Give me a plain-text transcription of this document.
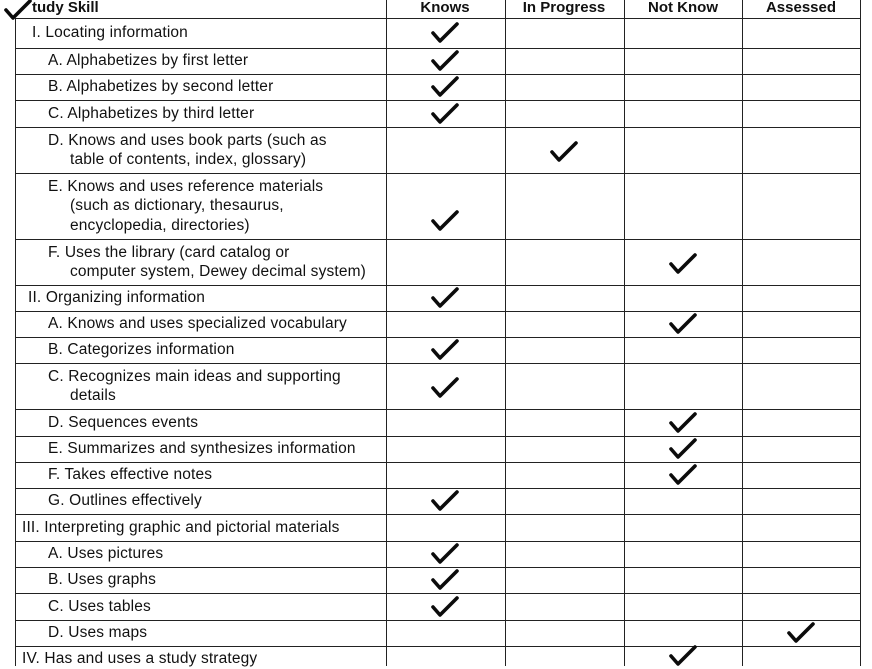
tudy Skill	Knows	In Progress	Not Know	Assessed
I. Locating information
A. Alphabetizes by first letter
B. Alphabetizes by second letter
C. Alphabetizes by third letter
D. Knows and uses book parts (such as
table of contents, index, glossary)
E. Knows and uses reference materials
(such as dictionary, thesaurus,
encyclopedia, directories)
F. Uses the library (card catalog or
computer system, Dewey decimal system)
II. Organizing information
A. Knows and uses specialized vocabulary
B. Categorizes information
C. Recognizes main ideas and supporting
details
D. Sequences events
E. Summarizes and synthesizes information
F. Takes effective notes
G. Outlines effectively
III. Interpreting graphic and pictorial materials
A. Uses pictures
B. Uses graphs
C. Uses tables
D. Uses maps
IV. Has and uses a study strategy
